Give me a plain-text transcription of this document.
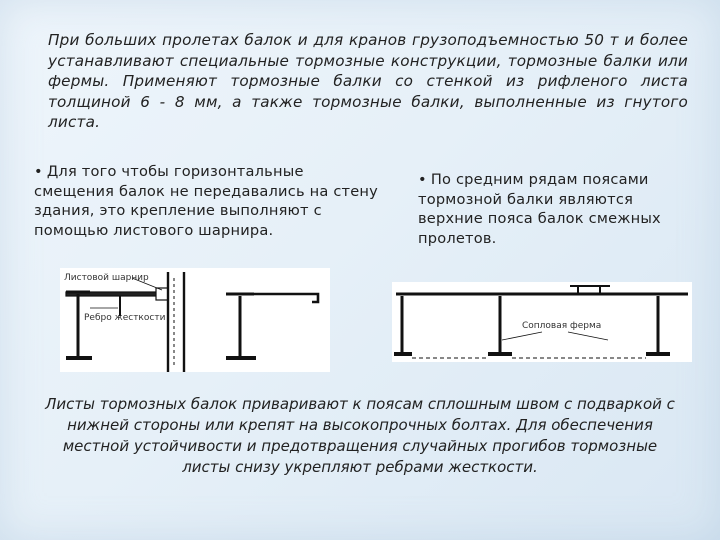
При больших пролетах балок и для кранов грузоподъемностью 50 т и более устанавливают специальные тормозные конструкции, тормозные балки или фермы. Применяют тормозные балки со стенкой из рифленого листа толщиной 6 - 8 мм, а также тормозные балки, выполненные из гнутого листа.

• Для того чтобы горизонтальные смещения балок не передавались на стену здания, это крепление выполняют с помощью листового шарнира.

• По средним рядам поясами тормозной балки являются верхние пояса балок смежных пролетов.

Листовой шарнир
Ребро жесткости
Сопловая ферма

Листы тормозных балок приваривают к поясам сплошным швом с подваркой с нижней стороны или крепят на высокопрочных болтах. Для обеспечения местной устойчивости и предотвращения случайных прогибов тормозные листы снизу укрепляют ребрами жесткости.
